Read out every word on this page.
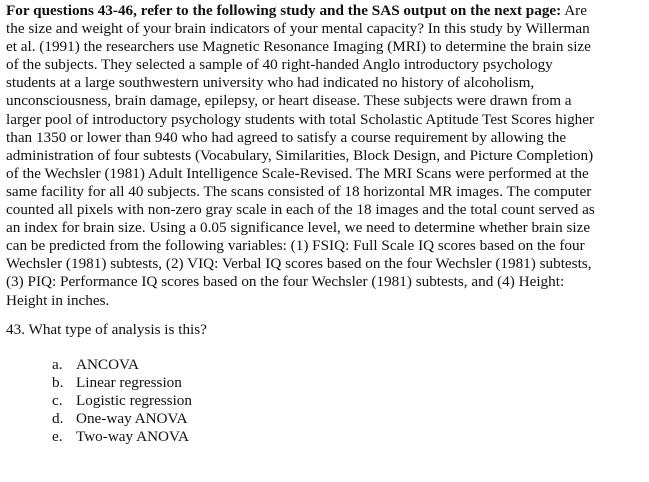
For questions 43-46, refer to the following study and the SAS output on the next page: Are
the size and weight of your brain indicators of your mental capacity? In this study by Willerman
et al. (1991) the researchers use Magnetic Resonance Imaging (MRI) to determine the brain size
of the subjects. They selected a sample of 40 right-handed Anglo introductory psychology
students at a large southwestern university who had indicated no history of alcoholism,
unconsciousness, brain damage, epilepsy, or heart disease. These subjects were drawn from a
larger pool of introductory psychology students with total Scholastic Aptitude Test Scores higher
than 1350 or lower than 940 who had agreed to satisfy a course requirement by allowing the
administration of four subtests (Vocabulary, Similarities, Block Design, and Picture Completion)
of the Wechsler (1981) Adult Intelligence Scale-Revised. The MRI Scans were performed at the
same facility for all 40 subjects. The scans consisted of 18 horizontal MR images. The computer
counted all pixels with non-zero gray scale in each of the 18 images and the total count served as
an index for brain size. Using a 0.05 significance level, we need to determine whether brain size
can be predicted from the following variables: (1) FSIQ: Full Scale IQ scores based on the four
Wechsler (1981) subtests, (2) VIQ: Verbal IQ scores based on the four Wechsler (1981) subtests,
(3) PIQ: Performance IQ scores based on the four Wechsler (1981) subtests, and (4) Height:
Height in inches.

43. What type of analysis is this?

a. ANCOVA
b. Linear regression
c. Logistic regression
d. One-way ANOVA
e. Two-way ANOVA
